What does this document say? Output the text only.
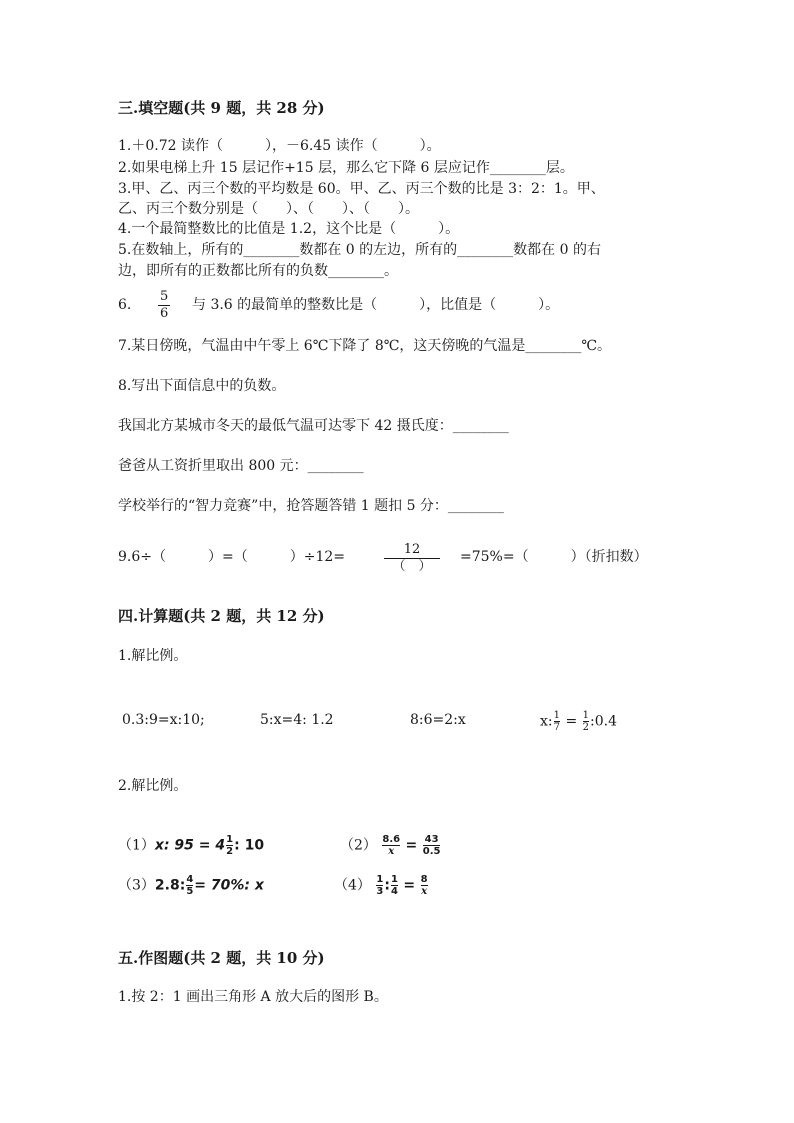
三.填空题(共 9 题，共 28 分)
1.＋0.72 读作（　　　），－6.45 读作（　　　）。
2.如果电梯上升 15 层记作+15 层，那么它下降 6 层应记作________层。
3.甲、乙、丙三个数的平均数是 60。甲、乙、丙三个数的比是 3：2：1。甲、
乙、丙三个数分别是（　　）、（　　）、（　　）。
4.一个最简整数比的比值是 1.2，这个比是（　　　）。
5.在数轴上，所有的________数都在 0 的左边，所有的________数都在 0 的右
边，即所有的正数都比所有的负数________。
6.
5
6
与 3.6 的最简单的整数比是（　　　），比值是（　　　）。
7.某日傍晚，气温由中午零上 6℃下降了 8℃，这天傍晚的气温是________℃。
8.写出下面信息中的负数。
我国北方某城市冬天的最低气温可达零下 42 摄氏度：________
爸爸从工资折里取出 800 元：________
学校举行的“智力竞赛”中，抢答题答错 1 题扣 5 分：________
9.6÷（　　　）=（　　　）÷12=	12
（　）
=75%=（　　　）（折扣数）
四.计算题(共 2 题，共 12 分)
1.解比例。
0.3:9=x:10;	5:x=4: 1.2	8:6=2:x	x: $\frac{1}{7} = \frac{1}{2}$ :0.4
2.解比例。
（1）x: $95 = 4 \frac{1}{2}$ : 10	$(2) \frac{8.6}{x} = \frac{43}{0.5}$
（3）2.8: $\frac{4}{5} = 70\%$: x	$(4) \frac{1}{3}$ : $\frac{1}{4} = \frac{8}{x}$
五.作图题(共 2 题，共 10 分)
1.按 2：1 画出三角形 A 放大后的图形 B。
